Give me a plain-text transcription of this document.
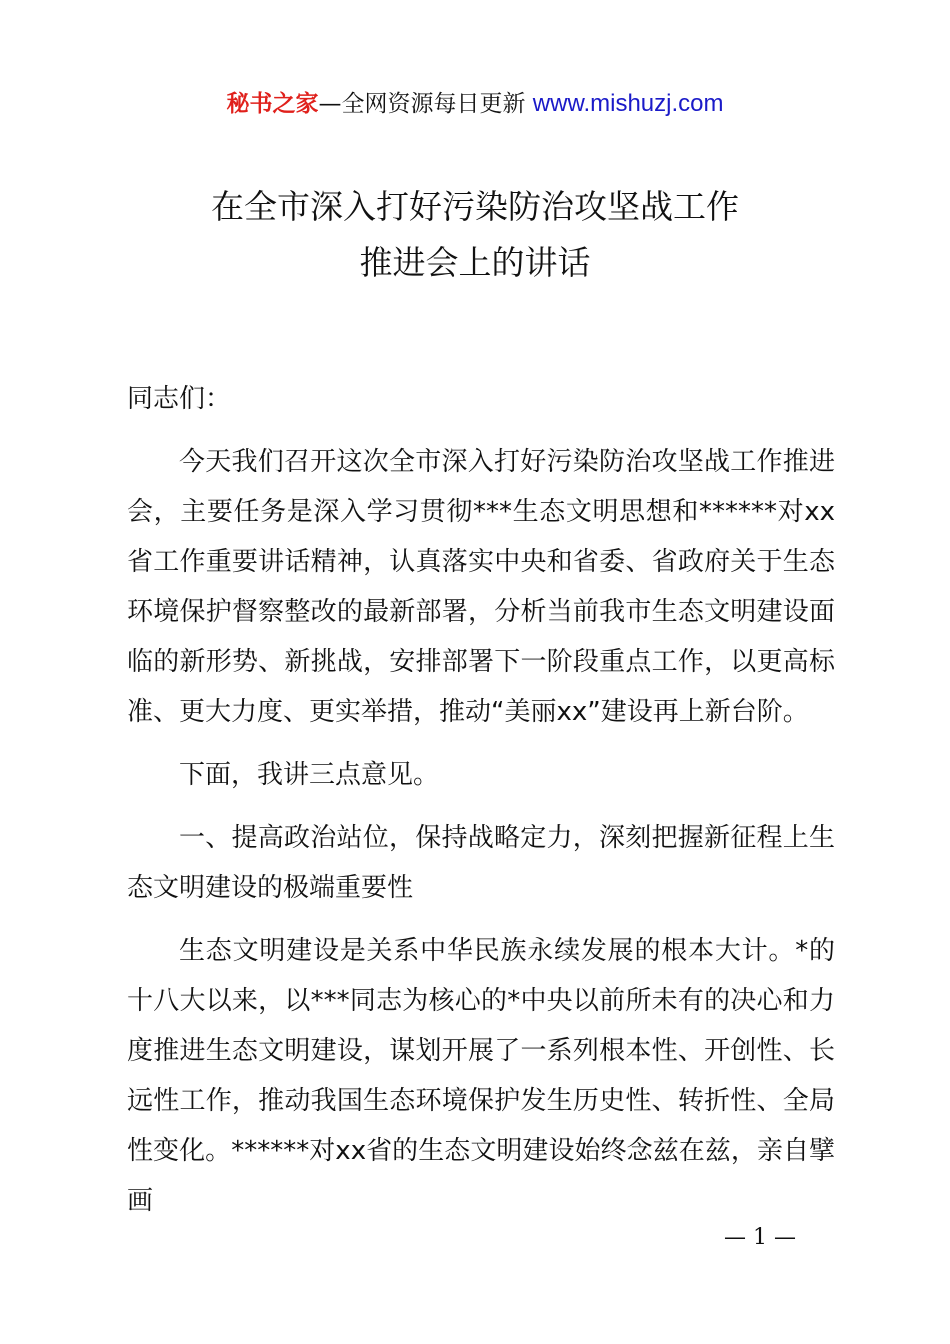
秘书之家—全网资源每日更新 www.mishuzj.com
在全市深入打好污染防治攻坚战工作
推进会上的讲话

同志们：

今天我们召开这次全市深入打好污染防治攻坚战工作推进会，主要任务是深入学习贯彻***生态文明思想和******对xx省工作重要讲话精神，认真落实中央和省委、省政府关于生态环境保护督察整改的最新部署，分析当前我市生态文明建设面临的新形势、新挑战，安排部署下一阶段重点工作，以更高标准、更大力度、更实举措，推动“美丽xx”建设再上新台阶。

下面，我讲三点意见。

一、提高政治站位，保持战略定力，深刻把握新征程上生态文明建设的极端重要性

生态文明建设是关系中华民族永续发展的根本大计。*的十八大以来，以***同志为核心的*中央以前所未有的决心和力度推进生态文明建设，谋划开展了一系列根本性、开创性、长远性工作，推动我国生态环境保护发生历史性、转折性、全局性变化。******对xx省的生态文明建设始终念兹在兹，亲自擘画

— 1 —
